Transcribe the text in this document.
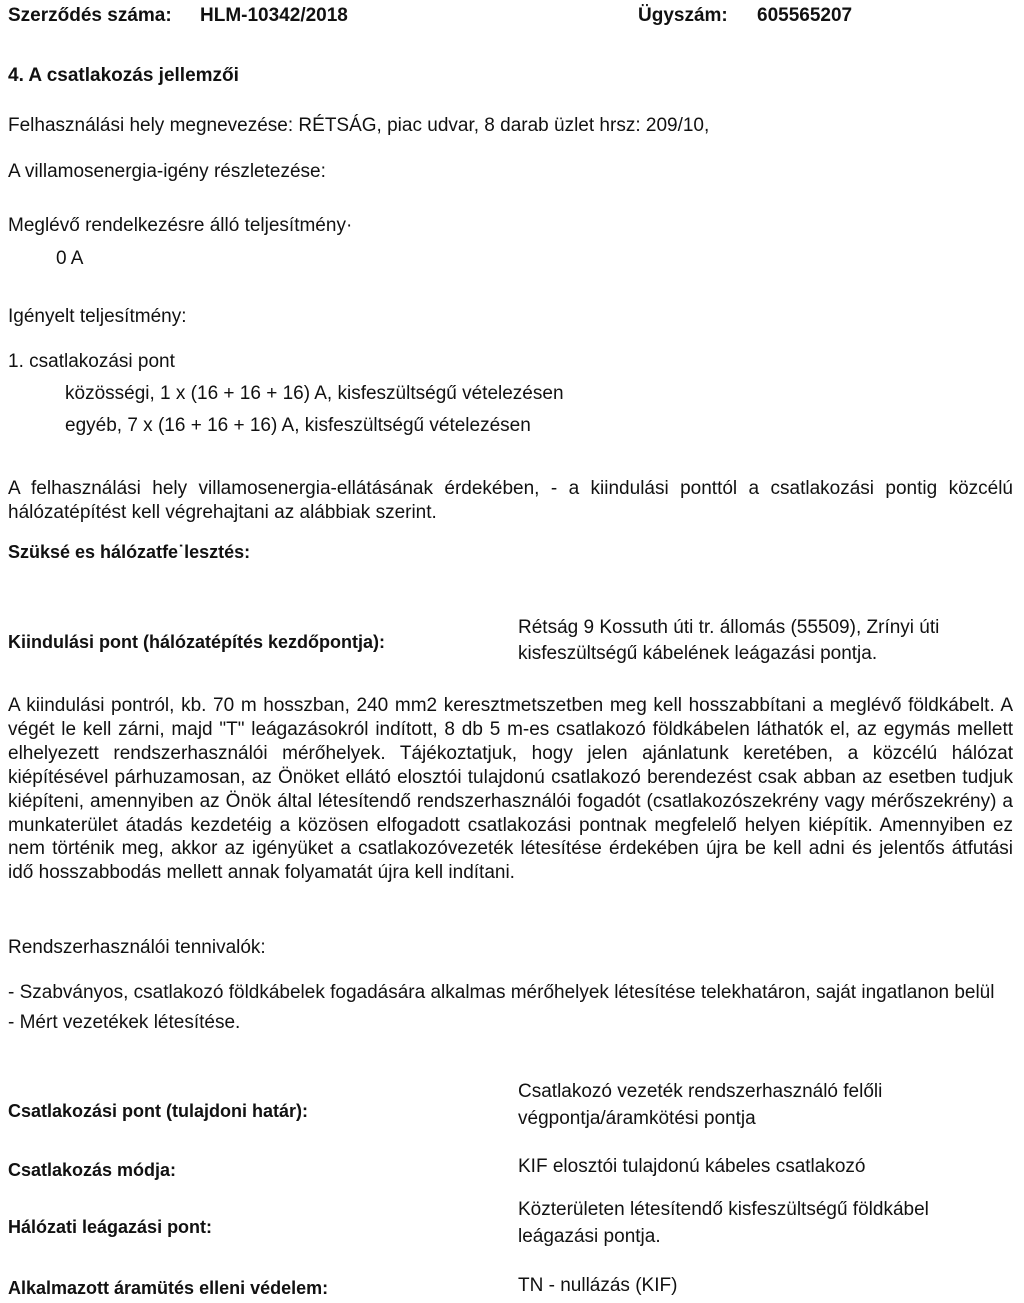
Szerződés száma: HLM-10342/2018	Ügyszám: 605565207
4. A csatlakozás jellemzői
Felhasználási hely megnevezése: RÉTSÁG, piac udvar, 8 darab üzlet hrsz: 209/10,
A villamosenergia-igény részletezése:
Meglévő rendelkezésre álló teljesítmény·
0 A
Igényelt teljesítmény:
1. csatlakozási pont
közösségi, 1 x (16 + 16 + 16) A, kisfeszültségű vételezésen
egyéb, 7 x (16 + 16 + 16) A, kisfeszültségű vételezésen

A felhasználási hely villamosenergia-ellátásának érdekében, - a kiindulási ponttól a csatlakozási pontig közcélú hálózatépítést kell végrehajtani az alábbiak szerint.

Szüksé es hálózatfe˙lesztés:
Kiindulási pont (hálózatépítés kezdőpontja):
Rétság 9 Kossuth úti tr. állomás (55509), Zrínyi úti
kisfeszültségű kábelének leágazási pontja.

A kiindulási pontról, kb. 70 m hosszban, 240 mm2 keresztmetszetben meg kell hosszabbítani a meglévő földkábelt. A végét le kell zárni, majd "T" leágazásokról indított, 8 db 5 m-es csatlakozó földkábelen láthatók el, az egymás mellett elhelyezett rendszerhasználói mérőhelyek. Tájékoztatjuk, hogy jelen ajánlatunk keretében, a közcélú hálózat kiépítésével párhuzamosan, az Önöket ellátó elosztói tulajdonú csatlakozó berendezést csak abban az esetben tudjuk kiépíteni, amennyiben az Önök által létesítendő rendszerhasználói fogadót (csatlakozószekrény vagy mérőszekrény) a munkaterület átadás kezdetéig a közösen elfogadott csatlakozási pontnak megfelelő helyen kiépítik. Amennyiben ez nem történik meg, akkor az igényüket a csatlakozóvezeték létesítése érdekében újra be kell adni és jelentős átfutási idő hosszabbodás mellett annak folyamatát újra kell indítani.

Rendszerhasználói tennivalók:

- Szabványos, csatlakozó földkábelek fogadására alkalmas mérőhelyek létesítése telekhatáron, saját ingatlanon belül

- Mért vezetékek létesítése.
Csatlakozási pont (tulajdoni határ):
Csatlakozó vezeték rendszerhasználó felőli
végpontja/áramkötési pontja
Csatlakozás módja:	KIF elosztói tulajdonú kábeles csatlakozó
Hálózati leágazási pont:
Közterületen létesítendő kisfeszültségű földkábel
leágazási pontja.
Alkalmazott áramütés elleni védelem:	TN - nullázás (KIF)
